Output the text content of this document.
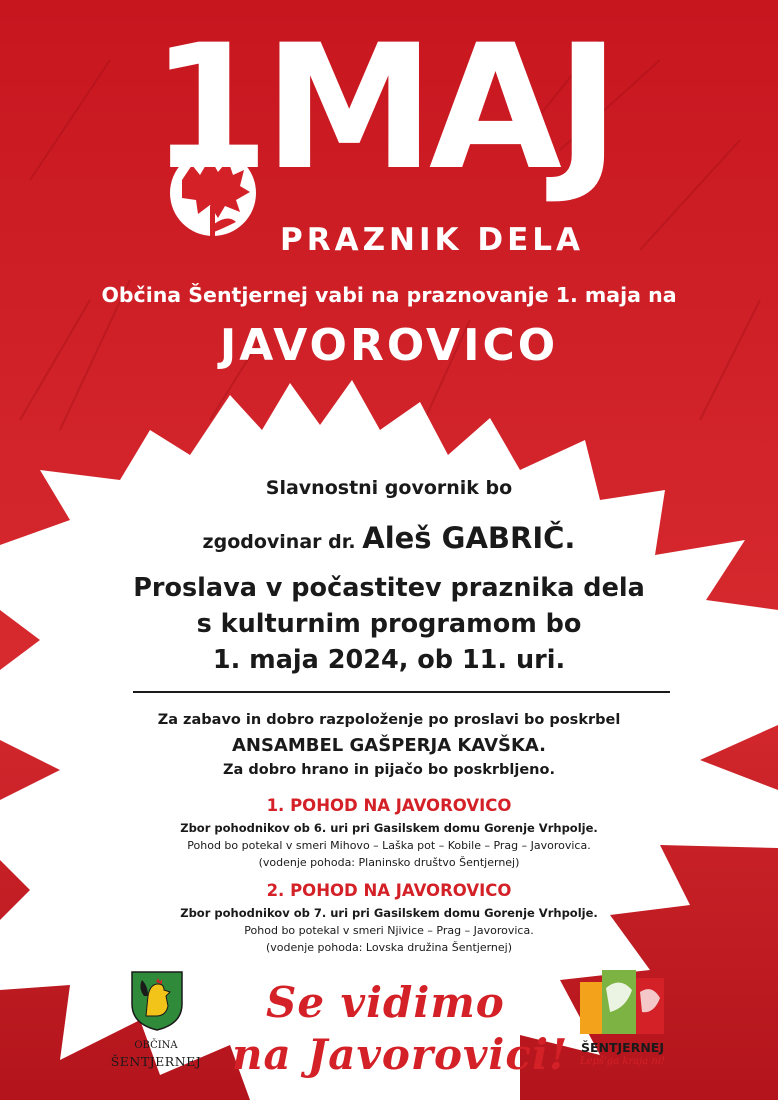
1MAJ
PRAZNIK DELA
Občina Šentjernej vabi na praznovanje 1. maja na
JAVOROVICO
Slavnostni govornik bo
zgodovinar dr. Aleš GABRIČ.
Proslava v počastitev praznika dela
s kulturnim programom bo
1. maja 2024, ob 11. uri.
Za zabavo in dobro razpoloženje po proslavi bo poskrbel
ANSAMBEL GAŠPERJA KAVŠKA.
Za dobro hrano in pijačo bo poskrbljeno.
1. POHOD NA JAVOROVICO
Zbor pohodnikov ob 6. uri pri Gasilskem domu Gorenje Vrhpolje.
Pohod bo potekal v smeri Mihovo – Laška pot – Kobile – Prag – Javorovica.
(vodenje pohoda: Planinsko društvo Šentjernej)
2. POHOD NA JAVOROVICO
Zbor pohodnikov ob 7. uri pri Gasilskem domu Gorenje Vrhpolje.
Pohod bo potekal v smeri Njivice – Prag – Javorovica.
(vodenje pohoda: Lovska družina Šentjernej)
Se vidimo
na Javorovici!
OBČINA
ŠENTJERNEJ
ŠENTJERNEJ
Lepš'ga kraja ni!
